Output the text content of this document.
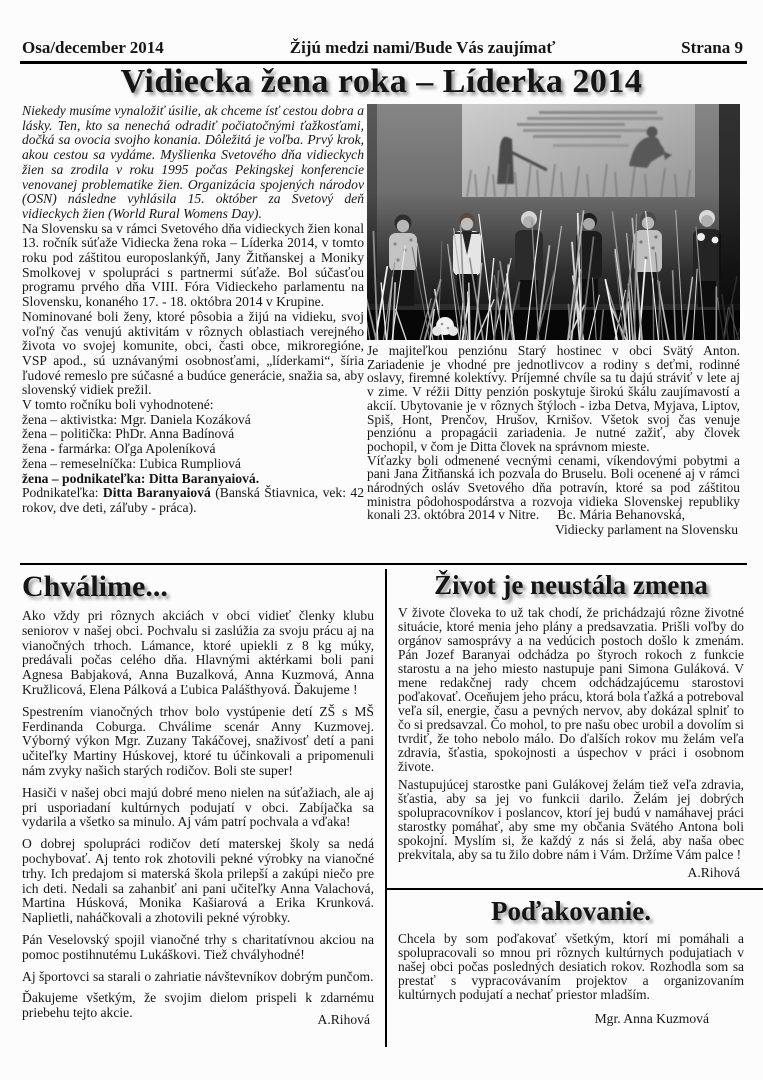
Osa/december 2014	Žijú medzi nami/Bude Vás zaujímať	Strana 9
Vidiecka žena roka – Líderka 2014

Niekedy musíme vynaložiť úsilie, ak chceme ísť cestou dobra a lásky. Ten, kto sa nenechá odradiť počiatočnými ťažkosťami, dočká sa ovocia svojho konania. Dôležitá je voľba. Prvý krok, akou cestou sa vydáme. Myšlienka Svetového dňa vidieckych žien sa zrodila v roku 1995 počas Pekingskej konferencie venovanej problematike žien. Organizácia spojených národov (OSN) následne vyhlásila 15. október za Svetový deň vidieckych žien (World Rural Womens Day).

Na Slovensku sa v rámci Svetového dňa vidieckych žien konal 13. ročník súťaže Vidiecka žena roka – Líderka 2014, v tomto roku pod záštitou europoslankýň, Jany Žitňanskej a Moniky Smolkovej v spolupráci s partnermi súťaže. Bol súčasťou programu prvého dňa VIII. Fóra Vidieckeho parlamentu na Slovensku, konaného 17. - 18. októbra 2014 v Krupine.

Nominované boli ženy, ktoré pôsobia a žijú na vidieku, svoj voľný čas venujú aktivitám v rôznych oblastiach verejného života vo svojej komunite, obci, časti obce, mikroregióne, VSP apod., sú uznávanými osobnosťami, „líderkami“, šíria ľudové remeslo pre súčasné a budúce generácie, snažia sa, aby slovenský vidiek prežil.

V tomto ročníku boli vyhodnotené:
žena – aktivistka: Mgr. Daniela Kozáková
žena – politička: PhDr. Anna Badínová
žena - farmárka: Oľga Apoleníková
žena – remeselníčka: Ľubica Rumpliová
žena – podnikateľka: Ditta Baranyaiová.

Podnikateľka: Ditta Baranyaiová (Banská Štiavnica, vek: 42 rokov, dve deti, záľuby - práca).

Je majiteľkou penziónu Starý hostinec v obci Svätý Anton. Zariadenie je vhodné pre jednotlivcov a rodiny s deťmi, rodinné oslavy, firemné kolektívy. Príjemné chvíle sa tu dajú stráviť v lete aj v zime. V réžii Ditty penzión poskytuje širokú škálu zaujímavostí a akcií. Ubytovanie je v rôznych štýloch - izba Detva, Myjava, Liptov, Spiš, Hont, Prenčov, Hrušov, Krnišov. Všetok svoj čas venuje penziónu a propagácii zariadenia. Je nutné zažiť, aby človek pochopil, v čom je Ditta človek na správnom mieste.

Víťazky boli odmenené vecnými cenami, víkendovými pobytmi a pani Jana Žitňanská ich pozvala do Bruselu. Boli ocenené aj v rámci národných osláv Svetového dňa potravín, ktoré sa pod záštitou ministra pôdohospodárstva a rozvoja vidieka Slovenskej republiky konali 23. októbra 2014 v Nitre.	Bc. Mária Behanovská,
Vidiecky parlament na Slovensku
Chválime...

Ako vždy pri rôznych akciách v obci vidieť členky klubu seniorov v našej obci. Pochvalu si zaslúžia za svoju prácu aj na vianočných trhoch. Lámance, ktoré upiekli z 8 kg múky, predávali počas celého dňa. Hlavnými aktérkami boli pani Agnesa Babjaková, Anna Buzalková, Anna Kuzmová, Anna Kružlicová, Elena Pálková a Ľubica Palášthyová. Ďakujeme !

Spestrením vianočných trhov bolo vystúpenie detí ZŠ s MŠ Ferdinanda Coburga. Chválime scenár Anny Kuzmovej. Výborný výkon Mgr. Zuzany Takáčovej, snaživosť detí a pani učiteľky Martiny Húskovej, ktoré tu účinkovali a pripomenuli nám zvyky našich starých rodičov. Boli ste super!

Hasiči v našej obci majú dobré meno nielen na súťažiach, ale aj pri usporiadaní kultúrnych podujatí v obci. Zabíjačka sa vydarila a všetko sa minulo. Aj vám patrí pochvala a vďaka!

O dobrej spolupráci rodičov detí materskej školy sa nedá pochybovať. Aj tento rok zhotovili pekné výrobky na vianočné trhy. Ich predajom si materská škola prilepší a zakúpi niečo pre ich deti. Nedali sa zahanbiť ani pani učiteľky Anna Valachová, Martina Húsková, Monika Kašiarová a Erika Krunková. Naplietli, naháčkovali a zhotovili pekné výrobky.

Pán Veselovský spojil vianočné trhy s charitatívnou akciou na pomoc postihnutému Lukáškovi. Tiež chvályhodné!

Aj športovci sa starali o zahriatie návštevníkov dobrým punčom.

Ďakujeme všetkým, že svojim dielom prispeli k zdarnému priebehu tejto akcie.	A.Rihová
Život je neustála zmena

V živote človeka to už tak chodí, že prichádzajú rôzne životné situácie, ktoré menia jeho plány a predsavzatia. Prišli voľby do orgánov samosprávy a na vedúcich postoch došlo k zmenám. Pán Jozef Baranyai odchádza po štyroch rokoch z funkcie starostu a na jeho miesto nastupuje pani Simona Guláková. V mene redakčnej rady chcem odchádzajúcemu starostovi poďakovať. Oceňujem jeho prácu, ktorá bola ťažká a potreboval veľa síl, energie, času a pevných nervov, aby dokázal splniť to čo si predsavzal. Čo mohol, to pre našu obec urobil a dovolím si tvrdiť, že toho nebolo málo. Do ďalších rokov mu želám veľa zdravia, šťastia, spokojnosti a úspechov v práci i osobnom živote.

Nastupujúcej starostke pani Gulákovej želám tiež veľa zdravia, šťastia, aby sa jej vo funkcii darilo. Želám jej dobrých spolupracovníkov i poslancov, ktorí jej budú v namáhavej práci starostky pomáhať, aby sme my občania Svätého Antona boli spokojní. Myslím si, že každý z nás si želá, aby naša obec prekvitala, aby sa tu žilo dobre nám i Vám. Držíme Vám palce !

A.Rihová
Poďakovanie.

Chcela by som poďakovať všetkým, ktorí mi pomáhali a spolupracovali so mnou pri rôznych kultúrnych podujatiach v našej obci počas posledných desiatich rokov. Rozhodla som sa prestať s vypracovávaním projektov a organizovaním kultúrnych podujatí a nechať priestor mladším.

Mgr. Anna Kuzmová
